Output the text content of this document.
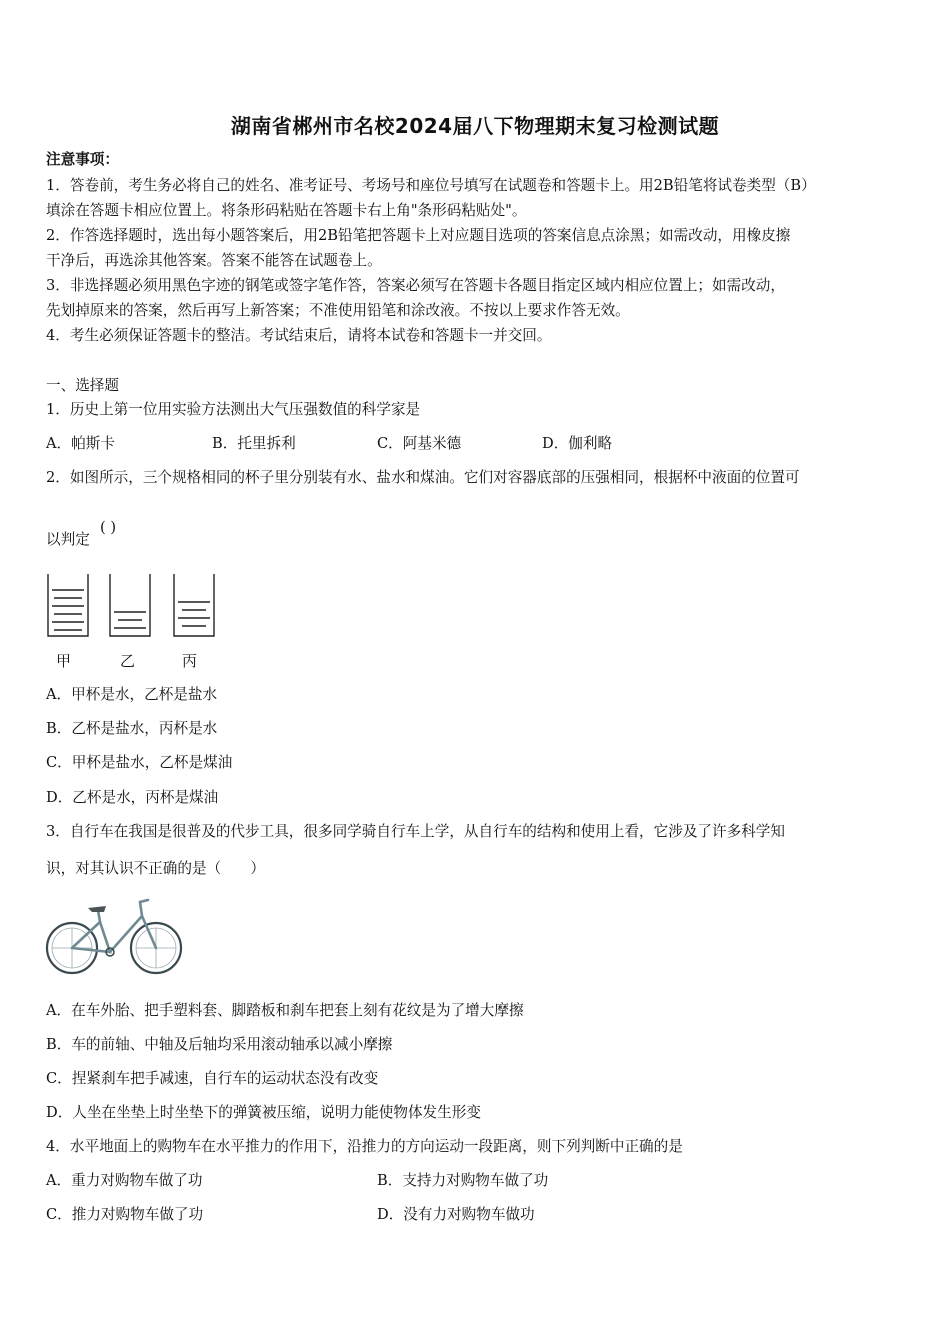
湖南省郴州市名校2024届八下物理期末复习检测试题
注意事项：
1．答卷前，考生务必将自己的姓名、准考证号、考场号和座位号填写在试题卷和答题卡上。用2B铅笔将试卷类型（B）
填涂在答题卡相应位置上。将条形码粘贴在答题卡右上角"条形码粘贴处"。
2．作答选择题时，选出每小题答案后，用2B铅笔把答题卡上对应题目选项的答案信息点涂黑；如需改动，用橡皮擦
干净后，再选涂其他答案。答案不能答在试题卷上。
3．非选择题必须用黑色字迹的钢笔或签字笔作答，答案必须写在答题卡各题目指定区域内相应位置上；如需改动，
先划掉原来的答案，然后再写上新答案；不准使用铅笔和涂改液。不按以上要求作答无效。
4．考生必须保证答题卡的整洁。考试结束后，请将本试卷和答题卡一并交回。
一、选择题
1．历史上第一位用实验方法测出大气压强数值的科学家是
A．帕斯卡	B．托里拆利	C．阿基米德	D．伽利略
2．如图所示，三个规格相同的杯子里分别装有水、盐水和煤油。它们对容器底部的压强相同，根据杯中液面的位置可
以判定
( )
甲	乙	丙
A．甲杯是水，乙杯是盐水
B．乙杯是盐水，丙杯是水
C．甲杯是盐水，乙杯是煤油
D．乙杯是水，丙杯是煤油
3．自行车在我国是很普及的代步工具，很多同学骑自行车上学，从自行车的结构和使用上看，它涉及了许多科学知
识，对其认识不正确的是（　　）
A．在车外胎、把手塑料套、脚踏板和刹车把套上刻有花纹是为了增大摩擦
B．车的前轴、中轴及后轴均采用滚动轴承以减小摩擦
C．捏紧刹车把手减速，自行车的运动状态没有改变
D．人坐在坐垫上时坐垫下的弹簧被压缩，说明力能使物体发生形变
4．水平地面上的购物车在水平推力的作用下，沿推力的方向运动一段距离，则下列判断中正确的是
A．重力对购物车做了功	B．支持力对购物车做了功
C．推力对购物车做了功	D．没有力对购物车做功
